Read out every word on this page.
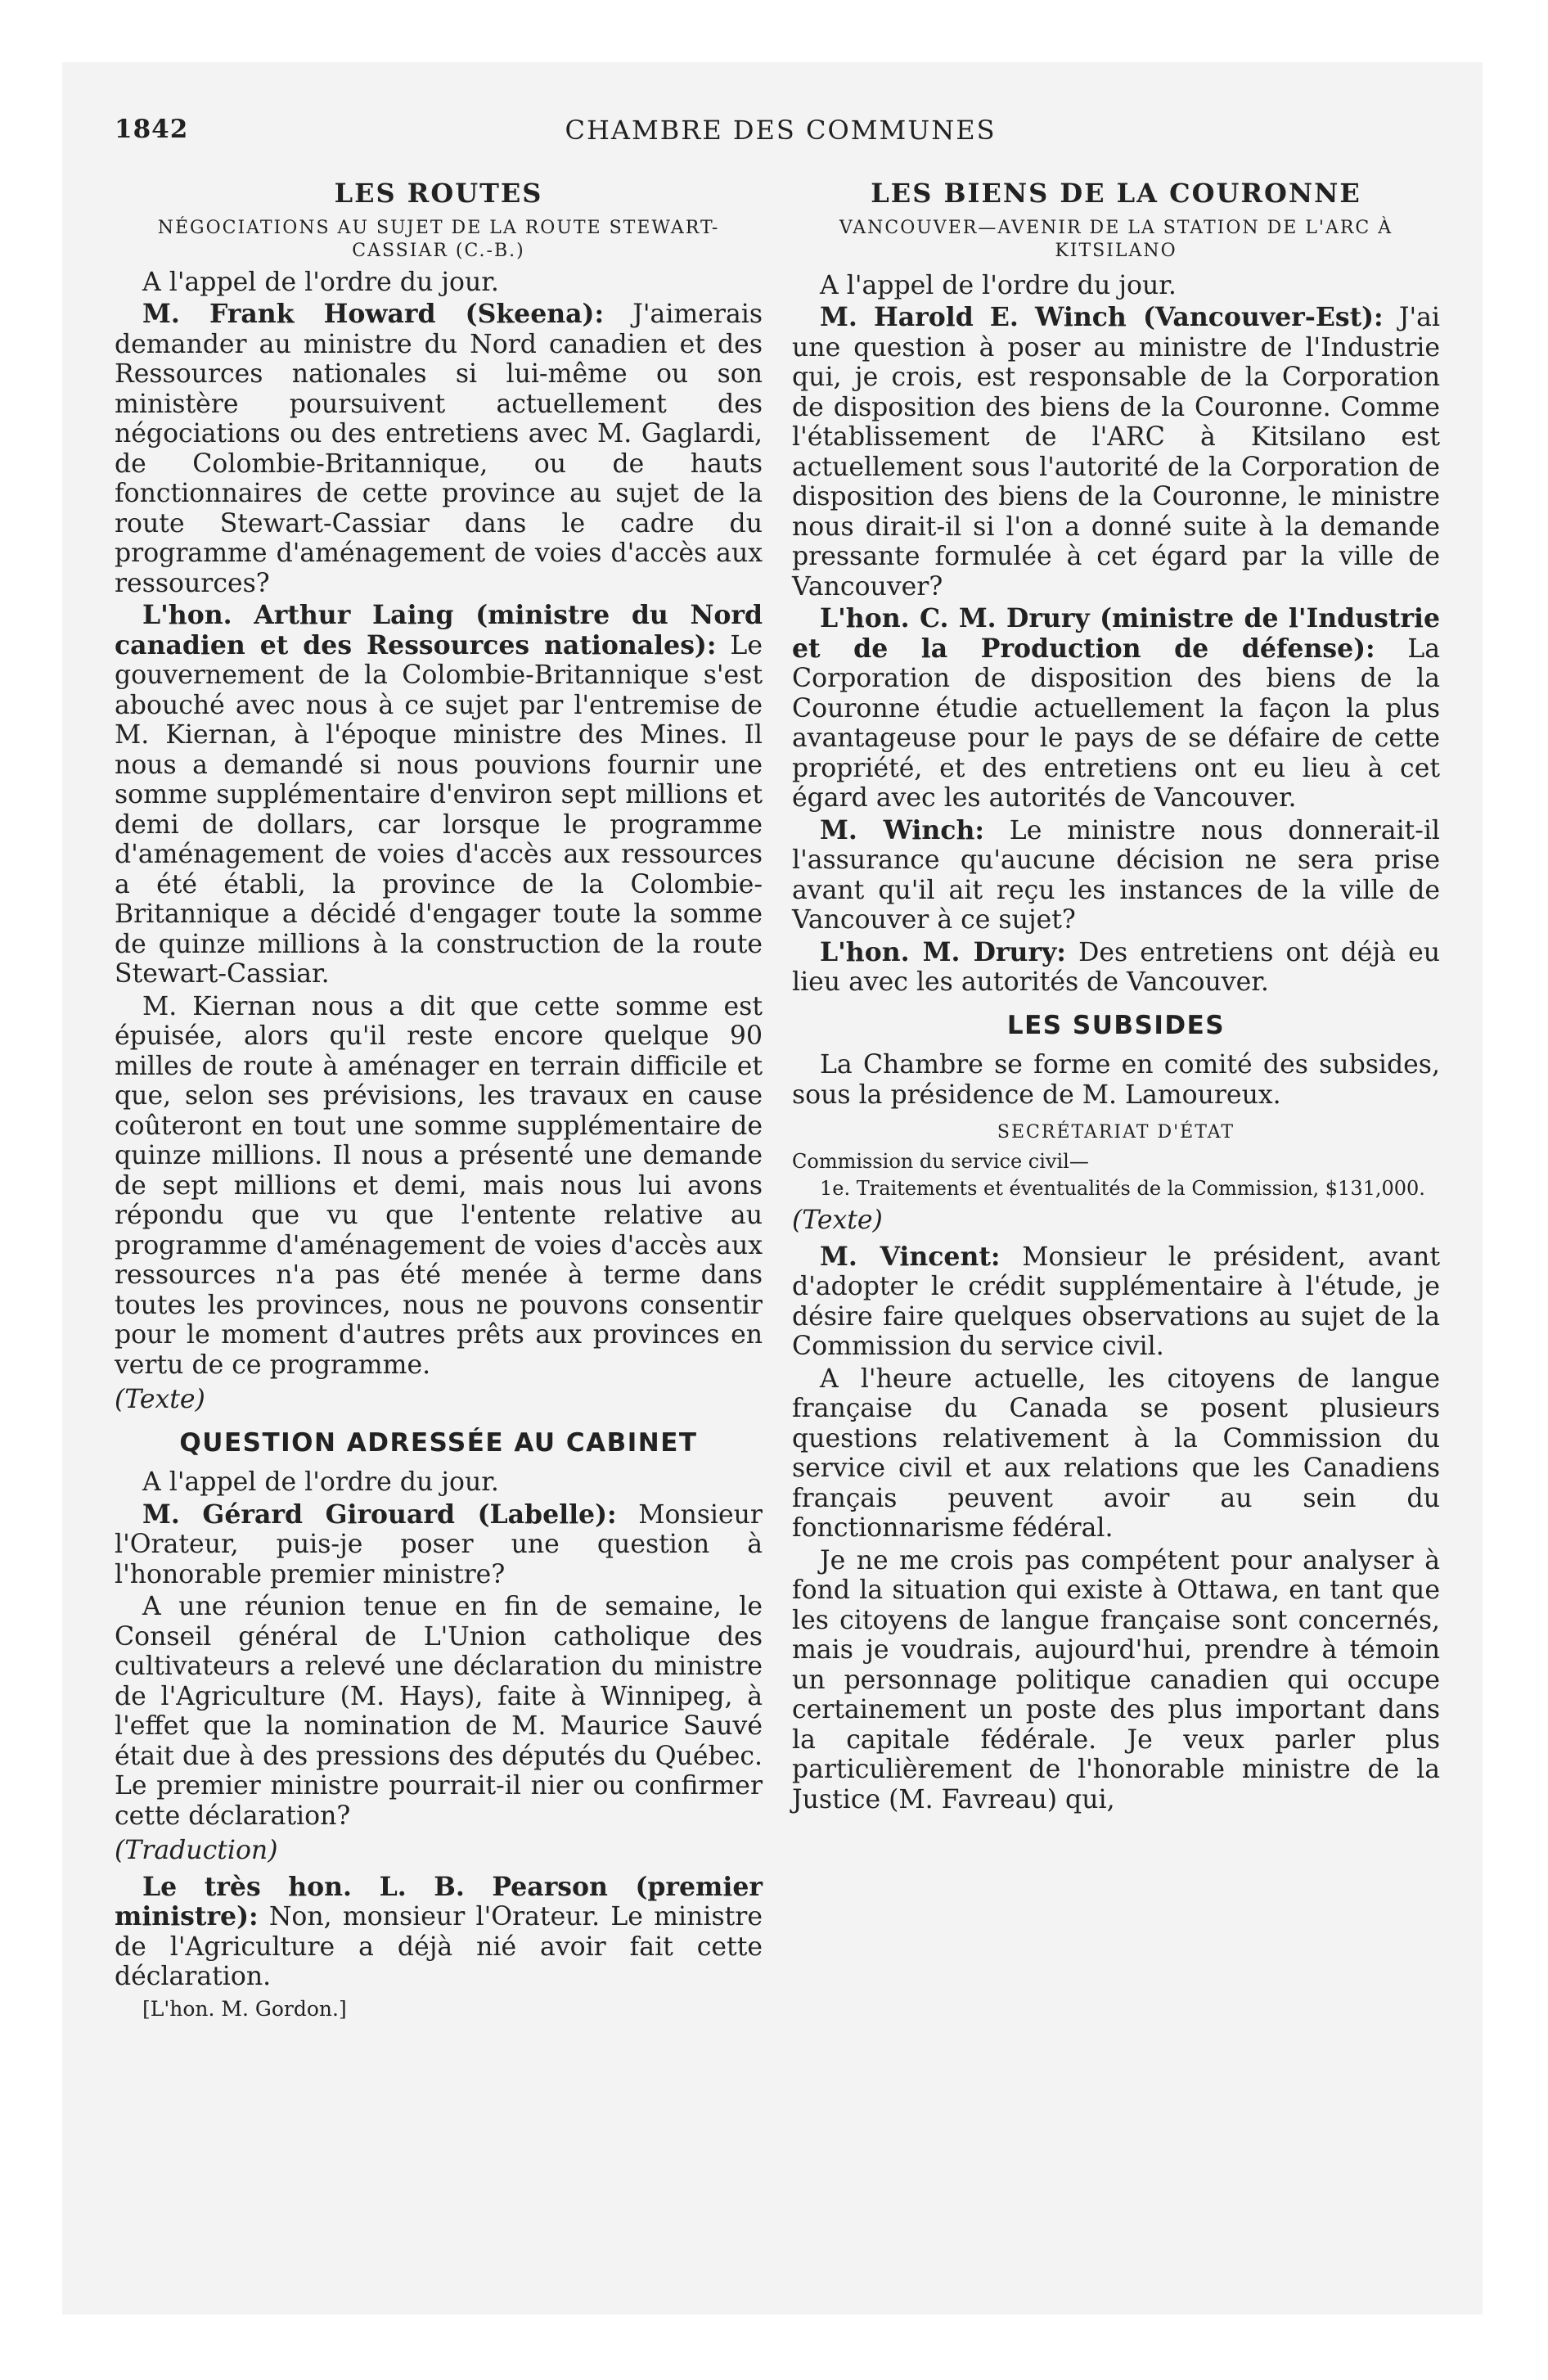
CHAMBRE DES COMMUNES
1842
LES ROUTES
NÉGOCIATIONS AU SUJET DE LA ROUTE STEWART-CASSIAR (C.-B.)

A l'appel de l'ordre du jour.

M. Frank Howard (Skeena): J'aimerais demander au ministre du Nord canadien et des Ressources nationales si lui-même ou son ministère poursuivent actuellement des négociations ou des entretiens avec M. Gaglardi, de Colombie-Britannique, ou de hauts fonctionnaires de cette province au sujet de la route Stewart-Cassiar dans le cadre du programme d'aménagement de voies d'accès aux ressources?

L'hon. Arthur Laing (ministre du Nord canadien et des Ressources nationales): Le gouvernement de la Colombie-Britannique s'est abouché avec nous à ce sujet par l'entremise de M. Kiernan, à l'époque ministre des Mines. Il nous a demandé si nous pouvions fournir une somme supplémentaire d'environ sept millions et demi de dollars, car lorsque le programme d'aménagement de voies d'accès aux ressources a été établi, la province de la Colombie-Britannique a décidé d'engager toute la somme de quinze millions à la construction de la route Stewart-Cassiar.

M. Kiernan nous a dit que cette somme est épuisée, alors qu'il reste encore quelque 90 milles de route à aménager en terrain difficile et que, selon ses prévisions, les travaux en cause coûteront en tout une somme supplémentaire de quinze millions. Il nous a présenté une demande de sept millions et demi, mais nous lui avons répondu que vu que l'entente relative au programme d'aménagement de voies d'accès aux ressources n'a pas été menée à terme dans toutes les provinces, nous ne pouvons consentir pour le moment d'autres prêts aux provinces en vertu de ce programme.

(Texte)
QUESTION ADRESSÉE AU CABINET

A l'appel de l'ordre du jour.

M. Gérard Girouard (Labelle): Monsieur l'Orateur, puis-je poser une question à l'honorable premier ministre?

A une réunion tenue en fin de semaine, le Conseil général de L'Union catholique des cultivateurs a relevé une déclaration du ministre de l'Agriculture (M. Hays), faite à Winnipeg, à l'effet que la nomination de M. Maurice Sauvé était due à des pressions des députés du Québec. Le premier ministre pourrait-il nier ou confirmer cette déclaration?

(Traduction)

Le très hon. L. B. Pearson (premier ministre): Non, monsieur l'Orateur. Le ministre de l'Agriculture a déjà nié avoir fait cette déclaration.

[L'hon. M. Gordon.]

LES BIENS DE LA COURONNE
VANCOUVER—AVENIR DE LA STATION DE L'ARC À KITSILANO

A l'appel de l'ordre du jour.

M. Harold E. Winch (Vancouver-Est): J'ai une question à poser au ministre de l'Industrie qui, je crois, est responsable de la Corporation de disposition des biens de la Couronne. Comme l'établissement de l'ARC à Kitsilano est actuellement sous l'autorité de la Corporation de disposition des biens de la Couronne, le ministre nous dirait-il si l'on a donné suite à la demande pressante formulée à cet égard par la ville de Vancouver?

L'hon. C. M. Drury (ministre de l'Industrie et de la Production de défense): La Corporation de disposition des biens de la Couronne étudie actuellement la façon la plus avantageuse pour le pays de se défaire de cette propriété, et des entretiens ont eu lieu à cet égard avec les autorités de Vancouver.

M. Winch: Le ministre nous donnerait-il l'assurance qu'aucune décision ne sera prise avant qu'il ait reçu les instances de la ville de Vancouver à ce sujet?

L'hon. M. Drury: Des entretiens ont déjà eu lieu avec les autorités de Vancouver.

LES SUBSIDES

La Chambre se forme en comité des subsides, sous la présidence de M. Lamoureux.

SECRÉTARIAT D'ÉTAT

Commission du service civil—

1e. Traitements et éventualités de la Commission, $131,000.

(Texte)

M. Vincent: Monsieur le président, avant d'adopter le crédit supplémentaire à l'étude, je désire faire quelques observations au sujet de la Commission du service civil.

A l'heure actuelle, les citoyens de langue française du Canada se posent plusieurs questions relativement à la Commission du service civil et aux relations que les Canadiens français peuvent avoir au sein du fonctionnarisme fédéral.

Je ne me crois pas compétent pour analyser à fond la situation qui existe à Ottawa, en tant que les citoyens de langue française sont concernés, mais je voudrais, aujourd'hui, prendre à témoin un personnage politique canadien qui occupe certainement un poste des plus important dans la capitale fédérale. Je veux parler plus particulièrement de l'honorable ministre de la Justice (M. Favreau) qui,
